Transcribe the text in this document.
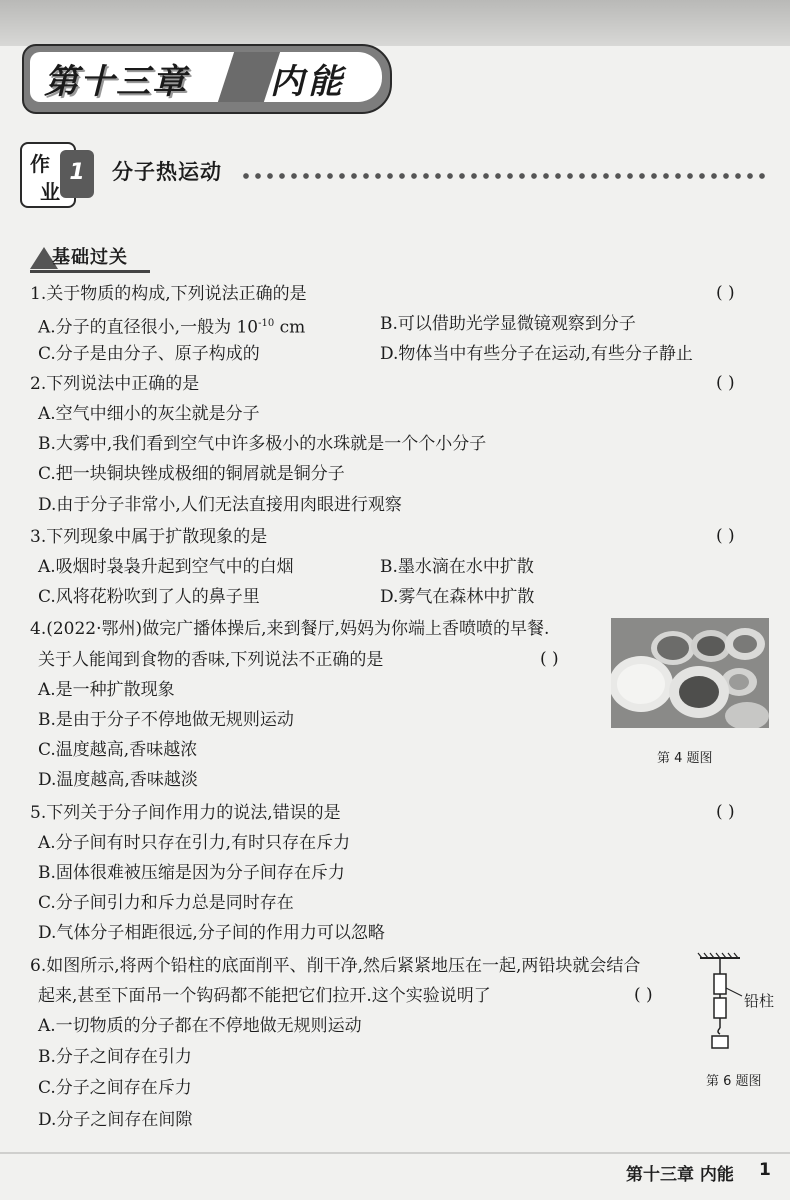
第十三章 内能
作
业
1	分子热运动
基础过关
1.关于物质的构成,下列说法正确的是	( )
A.分子的直径很小,一般为 $10^{-10}$ cm	B.可以借助光学显微镜观察到分子
C.分子是由分子、原子构成的	D.物体当中有些分子在运动,有些分子静止
2.下列说法中正确的是	( )
A.空气中细小的灰尘就是分子
B.大雾中,我们看到空气中许多极小的水珠就是一个个小分子
C.把一块铜块锉成极细的铜屑就是铜分子
D.由于分子非常小,人们无法直接用肉眼进行观察
3.下列现象中属于扩散现象的是	( )
A.吸烟时袅袅升起到空气中的白烟	B.墨水滴在水中扩散
C.风将花粉吹到了人的鼻子里	D.雾气在森林中扩散
4.(2022·鄂州)做完广播体操后,来到餐厅,妈妈为你端上香喷喷的早餐.
关于人能闻到食物的香味,下列说法不正确的是	( )
A.是一种扩散现象
B.是由于分子不停地做无规则运动
C.温度越高,香味越浓
D.温度越高,香味越淡
第 4 题图
5.下列关于分子间作用力的说法,错误的是	( )
A.分子间有时只存在引力,有时只存在斥力
B.固体很难被压缩是因为分子间存在斥力
C.分子间引力和斥力总是同时存在
D.气体分子相距很远,分子间的作用力可以忽略
6.如图所示,将两个铅柱的底面削平、削干净,然后紧紧地压在一起,两铅块就会结合
起来,甚至下面吊一个钩码都不能把它们拉开.这个实验说明了	( )
A.一切物质的分子都在不停地做无规则运动
B.分子之间存在引力
C.分子之间存在斥力
D.分子之间存在间隙
铅柱
第 6 题图
第十三章 内能 1
